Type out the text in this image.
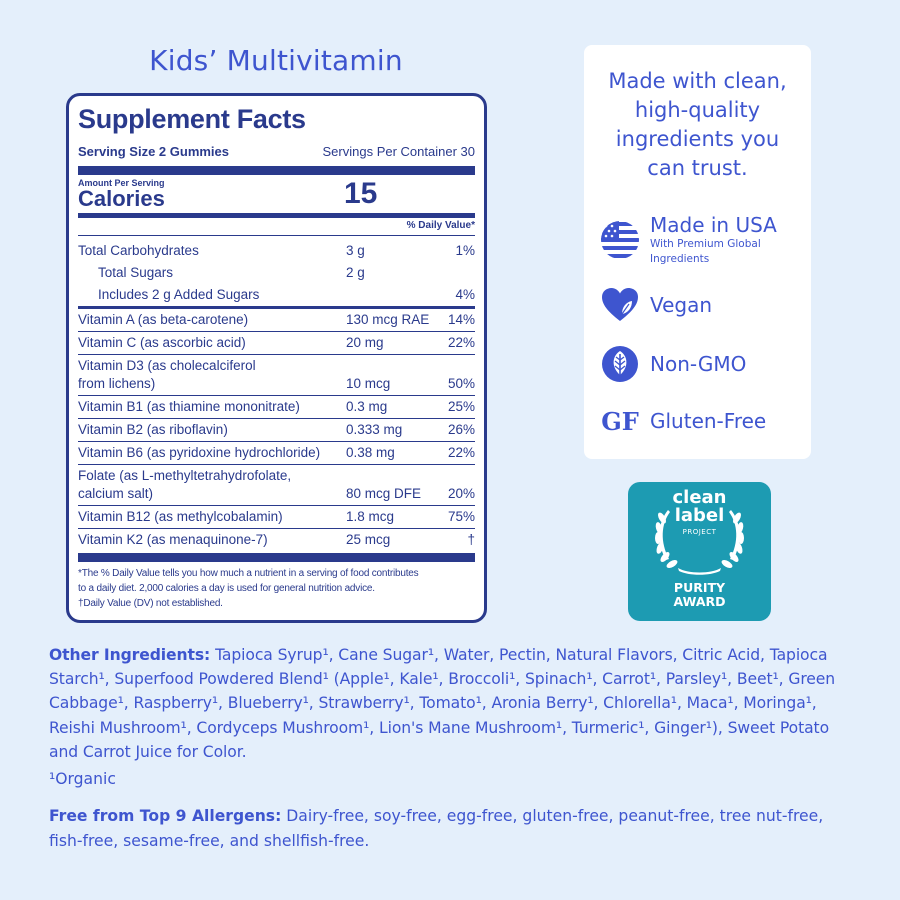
Kids’ Multivitamin
Supplement Facts
Serving Size 2 Gummies	Servings Per Container 30
Amount Per Serving
Calories	15
% Daily Value*
Total Carbohydrates	3 g	1%
Total Sugars	2 g
Includes 2 g Added Sugars	4%
Vitamin A (as beta-carotene)	130 mcg RAE	14%
Vitamin C (as ascorbic acid)	20 mg	22%
Vitamin D3 (as cholecalciferol
from lichens)	10 mcg	50%
Vitamin B1 (as thiamine mononitrate)	0.3 mg	25%
Vitamin B2 (as riboflavin)	0.333 mg	26%
Vitamin B6 (as pyridoxine hydrochloride)	0.38 mg	22%
Folate (as L-methyltetrahydrofolate,
calcium salt)	80 mcg DFE	20%
Vitamin B12 (as methylcobalamin)	1.8 mcg	75%
Vitamin K2 (as menaquinone-7)	25 mcg	†
*The % Daily Value tells you how much a nutrient in a serving of food contributes
to a daily diet. 2,000 calories a day is used for general nutrition advice.
†Daily Value (DV) not established.
Made with clean,
high-quality
ingredients you
can trust.
Made in USA
With Premium Global
Ingredients
Vegan
Non-GMO
GF Gluten-Free
clean
label
PROJECT
PURITY
AWARD
Other Ingredients: Tapioca Syrup¹, Cane Sugar¹, Water, Pectin, Natural Flavors, Citric Acid, Tapioca Starch¹, Superfood Powdered Blend¹ (Apple¹, Kale¹, Broccoli¹, Spinach¹, Carrot¹, Parsley¹, Beet¹, Green Cabbage¹, Raspberry¹, Blueberry¹, Strawberry¹, Tomato¹, Aronia Berry¹, Chlorella¹, Maca¹, Moringa¹, Reishi Mushroom¹, Cordyceps Mushroom¹, Lion's Mane Mushroom¹, Turmeric¹, Ginger¹), Sweet Potato and Carrot Juice for Color.
¹Organic
Free from Top 9 Allergens: Dairy-free, soy-free, egg-free, gluten-free, peanut-free, tree nut-free, fish-free, sesame-free, and shellfish-free.
